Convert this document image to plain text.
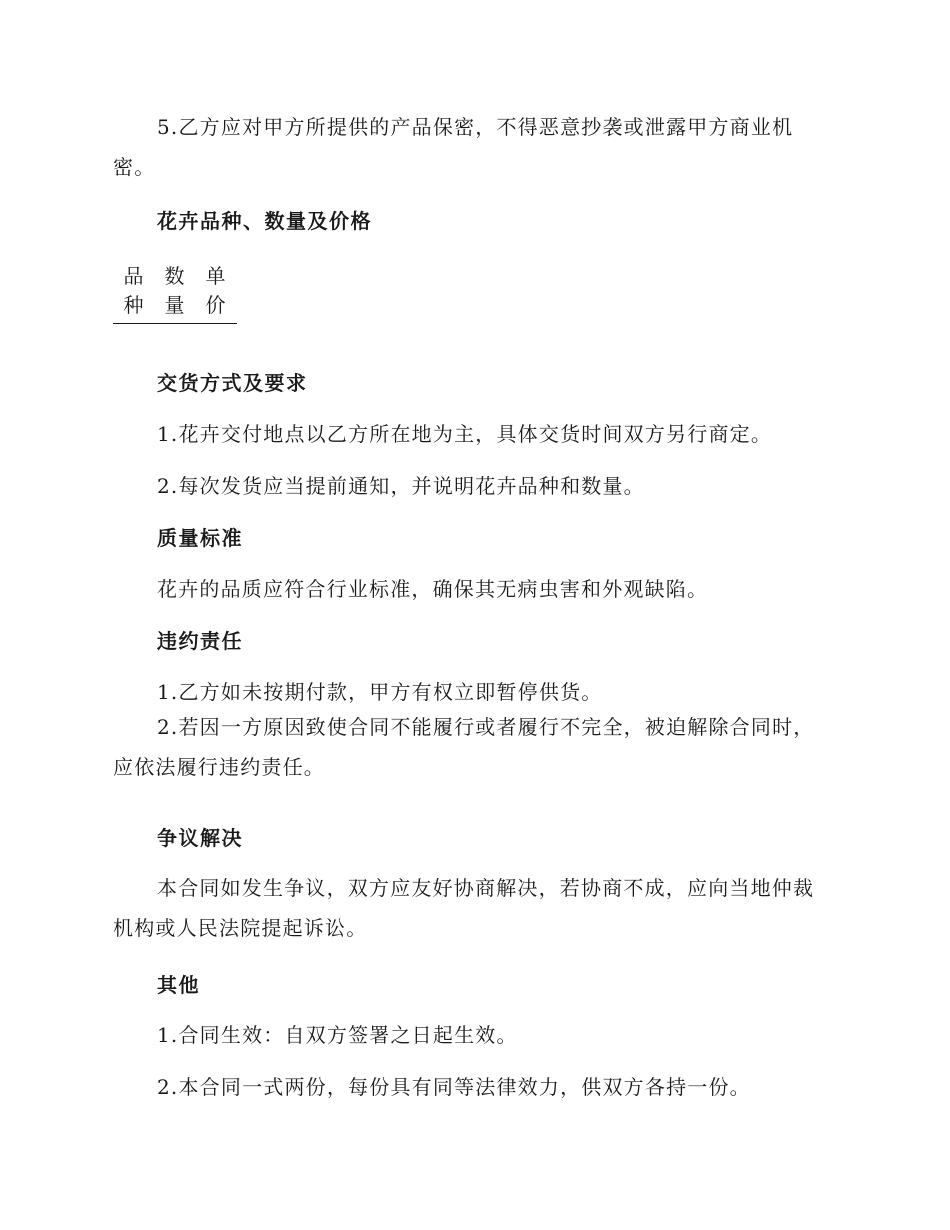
5.乙方应对甲方所提供的产品保密，不得恶意抄袭或泄露甲方商业机密。

花卉品种、数量及价格
品
种
数
量
单
价
交货方式及要求

1.花卉交付地点以乙方所在地为主，具体交货时间双方另行商定。

2.每次发货应当提前通知，并说明花卉品种和数量。

质量标准

花卉的品质应符合行业标准，确保其无病虫害和外观缺陷。

违约责任

1.乙方如未按期付款，甲方有权立即暂停供货。

2.若因一方原因致使合同不能履行或者履行不完全，被迫解除合同时，应依法履行违约责任。

争议解决

本合同如发生争议，双方应友好协商解决，若协商不成，应向当地仲裁机构或人民法院提起诉讼。

其他

1.合同生效：自双方签署之日起生效。

2.本合同一式两份，每份具有同等法律效力，供双方各持一份。
